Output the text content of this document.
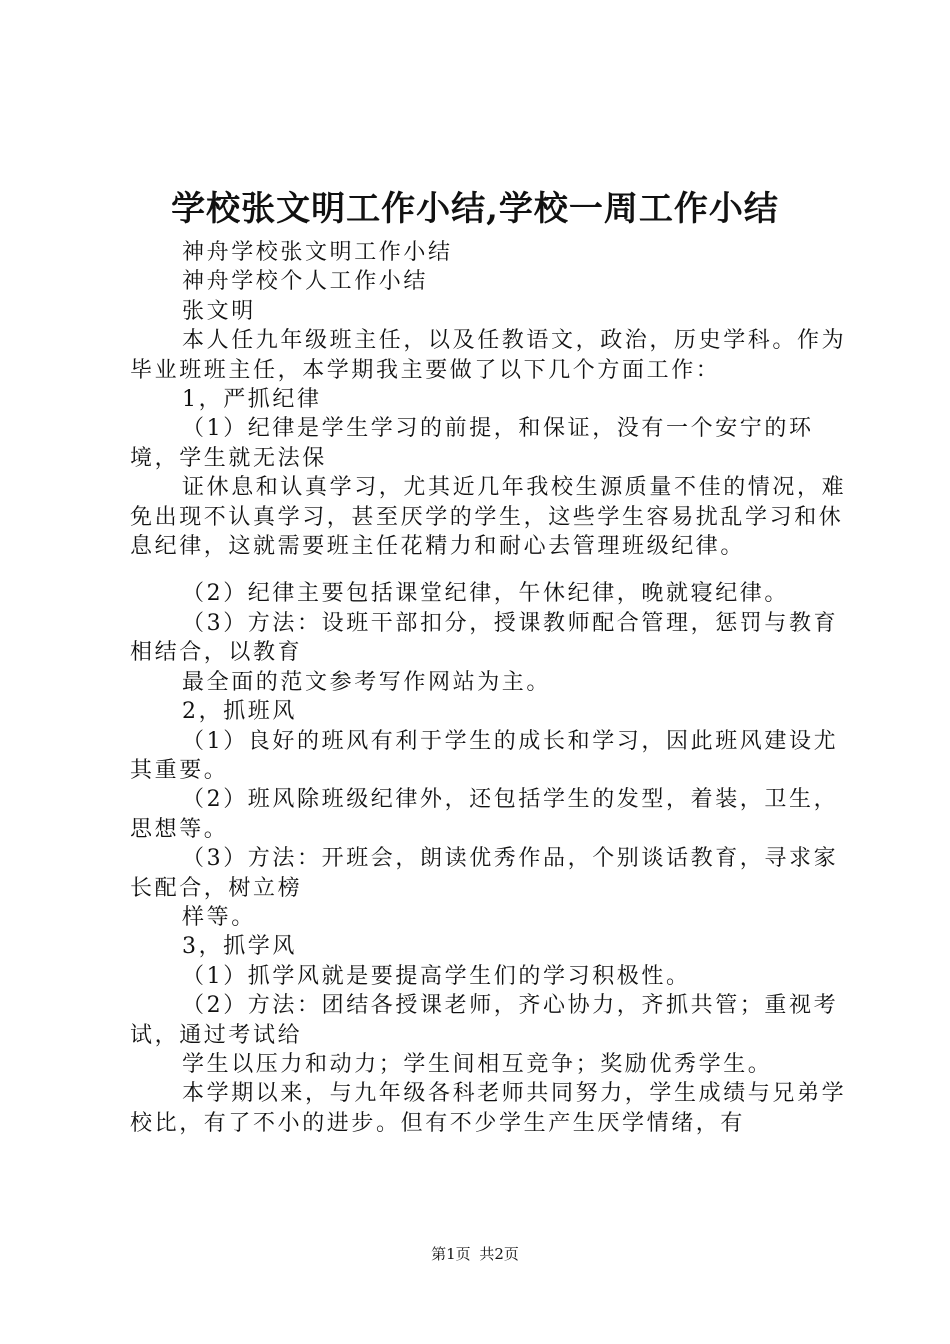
学校张文明工作小结,学校一周工作小结

神舟学校张文明工作小结

神舟学校个人工作小结

张文明

本人任九年级班主任，以及任教语文，政治，历史学科。作为毕业班班主任，本学期我主要做了以下几个方面工作：

1，严抓纪律

（1）纪律是学生学习的前提，和保证，没有一个安宁的环境，学生就无法保

证休息和认真学习，尤其近几年我校生源质量不佳的情况，难免出现不认真学习，甚至厌学的学生，这些学生容易扰乱学习和休息纪律，这就需要班主任花精力和耐心去管理班级纪律。

（2）纪律主要包括课堂纪律，午休纪律，晚就寝纪律。

（3）方法：设班干部扣分，授课教师配合管理，惩罚与教育相结合，以教育

最全面的范文参考写作网站为主。

2，抓班风

（1）良好的班风有利于学生的成长和学习，因此班风建设尤其重要。

（2）班风除班级纪律外，还包括学生的发型，着装，卫生，思想等。

（3）方法：开班会，朗读优秀作品，个别谈话教育，寻求家长配合，树立榜

样等。

3，抓学风

（1）抓学风就是要提高学生们的学习积极性。

（2）方法：团结各授课老师，齐心协力，齐抓共管；重视考试，通过考试给

学生以压力和动力；学生间相互竞争；奖励优秀学生。

本学期以来，与九年级各科老师共同努力，学生成绩与兄弟学校比，有了不小的进步。但有不少学生产生厌学情绪，有

第1页 共2页
